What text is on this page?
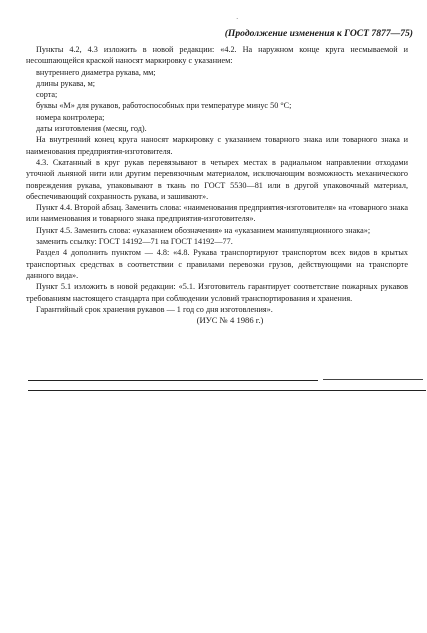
·
(Продолжение изменения к ГОСТ 7877—75)

Пункты 4.2, 4.3 изложить в новой редакции: «4.2. На наружном конце круга несмываемой и несошпающейся краской наносят маркировку с указанием:

внутреннего диаметра рукава, мм;

длины рукава, м;

сорта;

буквы «М» для рукавов, работоспособных при температуре минус 50 °С;

номера контролера;

даты изготовления (месяц, год).

На внутренний конец круга наносят маркировку с указанием товарного знака или товарного знака и наименования предприятия-изготовителя.

4.3. Скатанный в круг рукав перевязывают в четырех местах в радиальном направлении отходами уточной льняной нити или другим перевязочным материалом, исключающим возможность механического повреждения рукава, упаковывают в ткань по ГОСТ 5530—81 или в другой упаковочный материал, обеспечивающий сохранность рукава, и зашивают».

Пункт 4.4. Второй абзац. Заменить слова: «наименования предприятия-изготовителя» на «товарного знака или наименования и товарного знака предприятия-изготовителя».

Пункт 4.5. Заменить слова: «указанием обозначения» на «указанием манипуляционного знака»;

заменить ссылку: ГОСТ 14192—71 на ГОСТ 14192—77.

Раздел 4 дополнить пунктом — 4.8: «4.8. Рукава транспортируют транспортом всех видов в крытых транспортных средствах в соответствии с правилами перевозки грузов, действующими на транспорте данного вида».

Пункт 5.1 изложить в новой редакции: «5.1. Изготовитель гарантирует соответствие пожарных рукавов требованиям настоящего стандарта при соблюдении условий транспортирования и хранения.

Гарантийный срок хранения рукавов — 1 год со дня изготовления».

(ИУС № 4 1986 г.)
